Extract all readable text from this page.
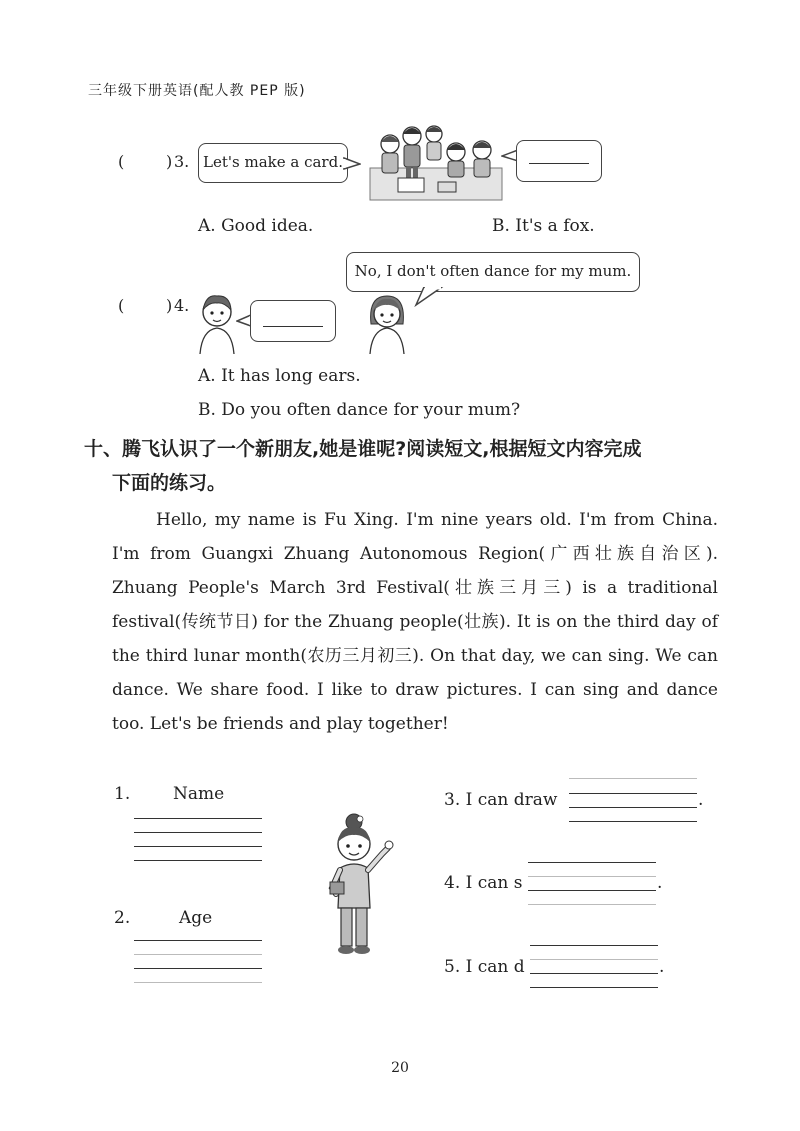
三年级下册英语(配人教 PEP 版)
(	) 3. Let's make a card.
A. Good idea.	B. It's a fox.
(	) 4.
No, I don't often dance for my mum.
A. It has long ears.
B. Do you often dance for your mum?
十、腾飞认识了一个新朋友,她是谁呢?阅读短文,根据短文内容完成
下面的练习。
Hello, my name is Fu Xing. I'm nine years old. I'm from China. I'm from Guangxi Zhuang Autonomous Region(广西壮族自治区). Zhuang People's March 3rd Festival(壮族三月三) is a traditional festival(传统节日) for the Zhuang people(壮族). It is on the third day of the third lunar month(农历三月初三). On that day, we can sing. We can dance. We share food. I like to draw pictures. I can sing and dance too. Let's be friends and play together!
1.	Name
2.	Age
3. I can draw	.
4. I can s	.
5. I can d	.
20
